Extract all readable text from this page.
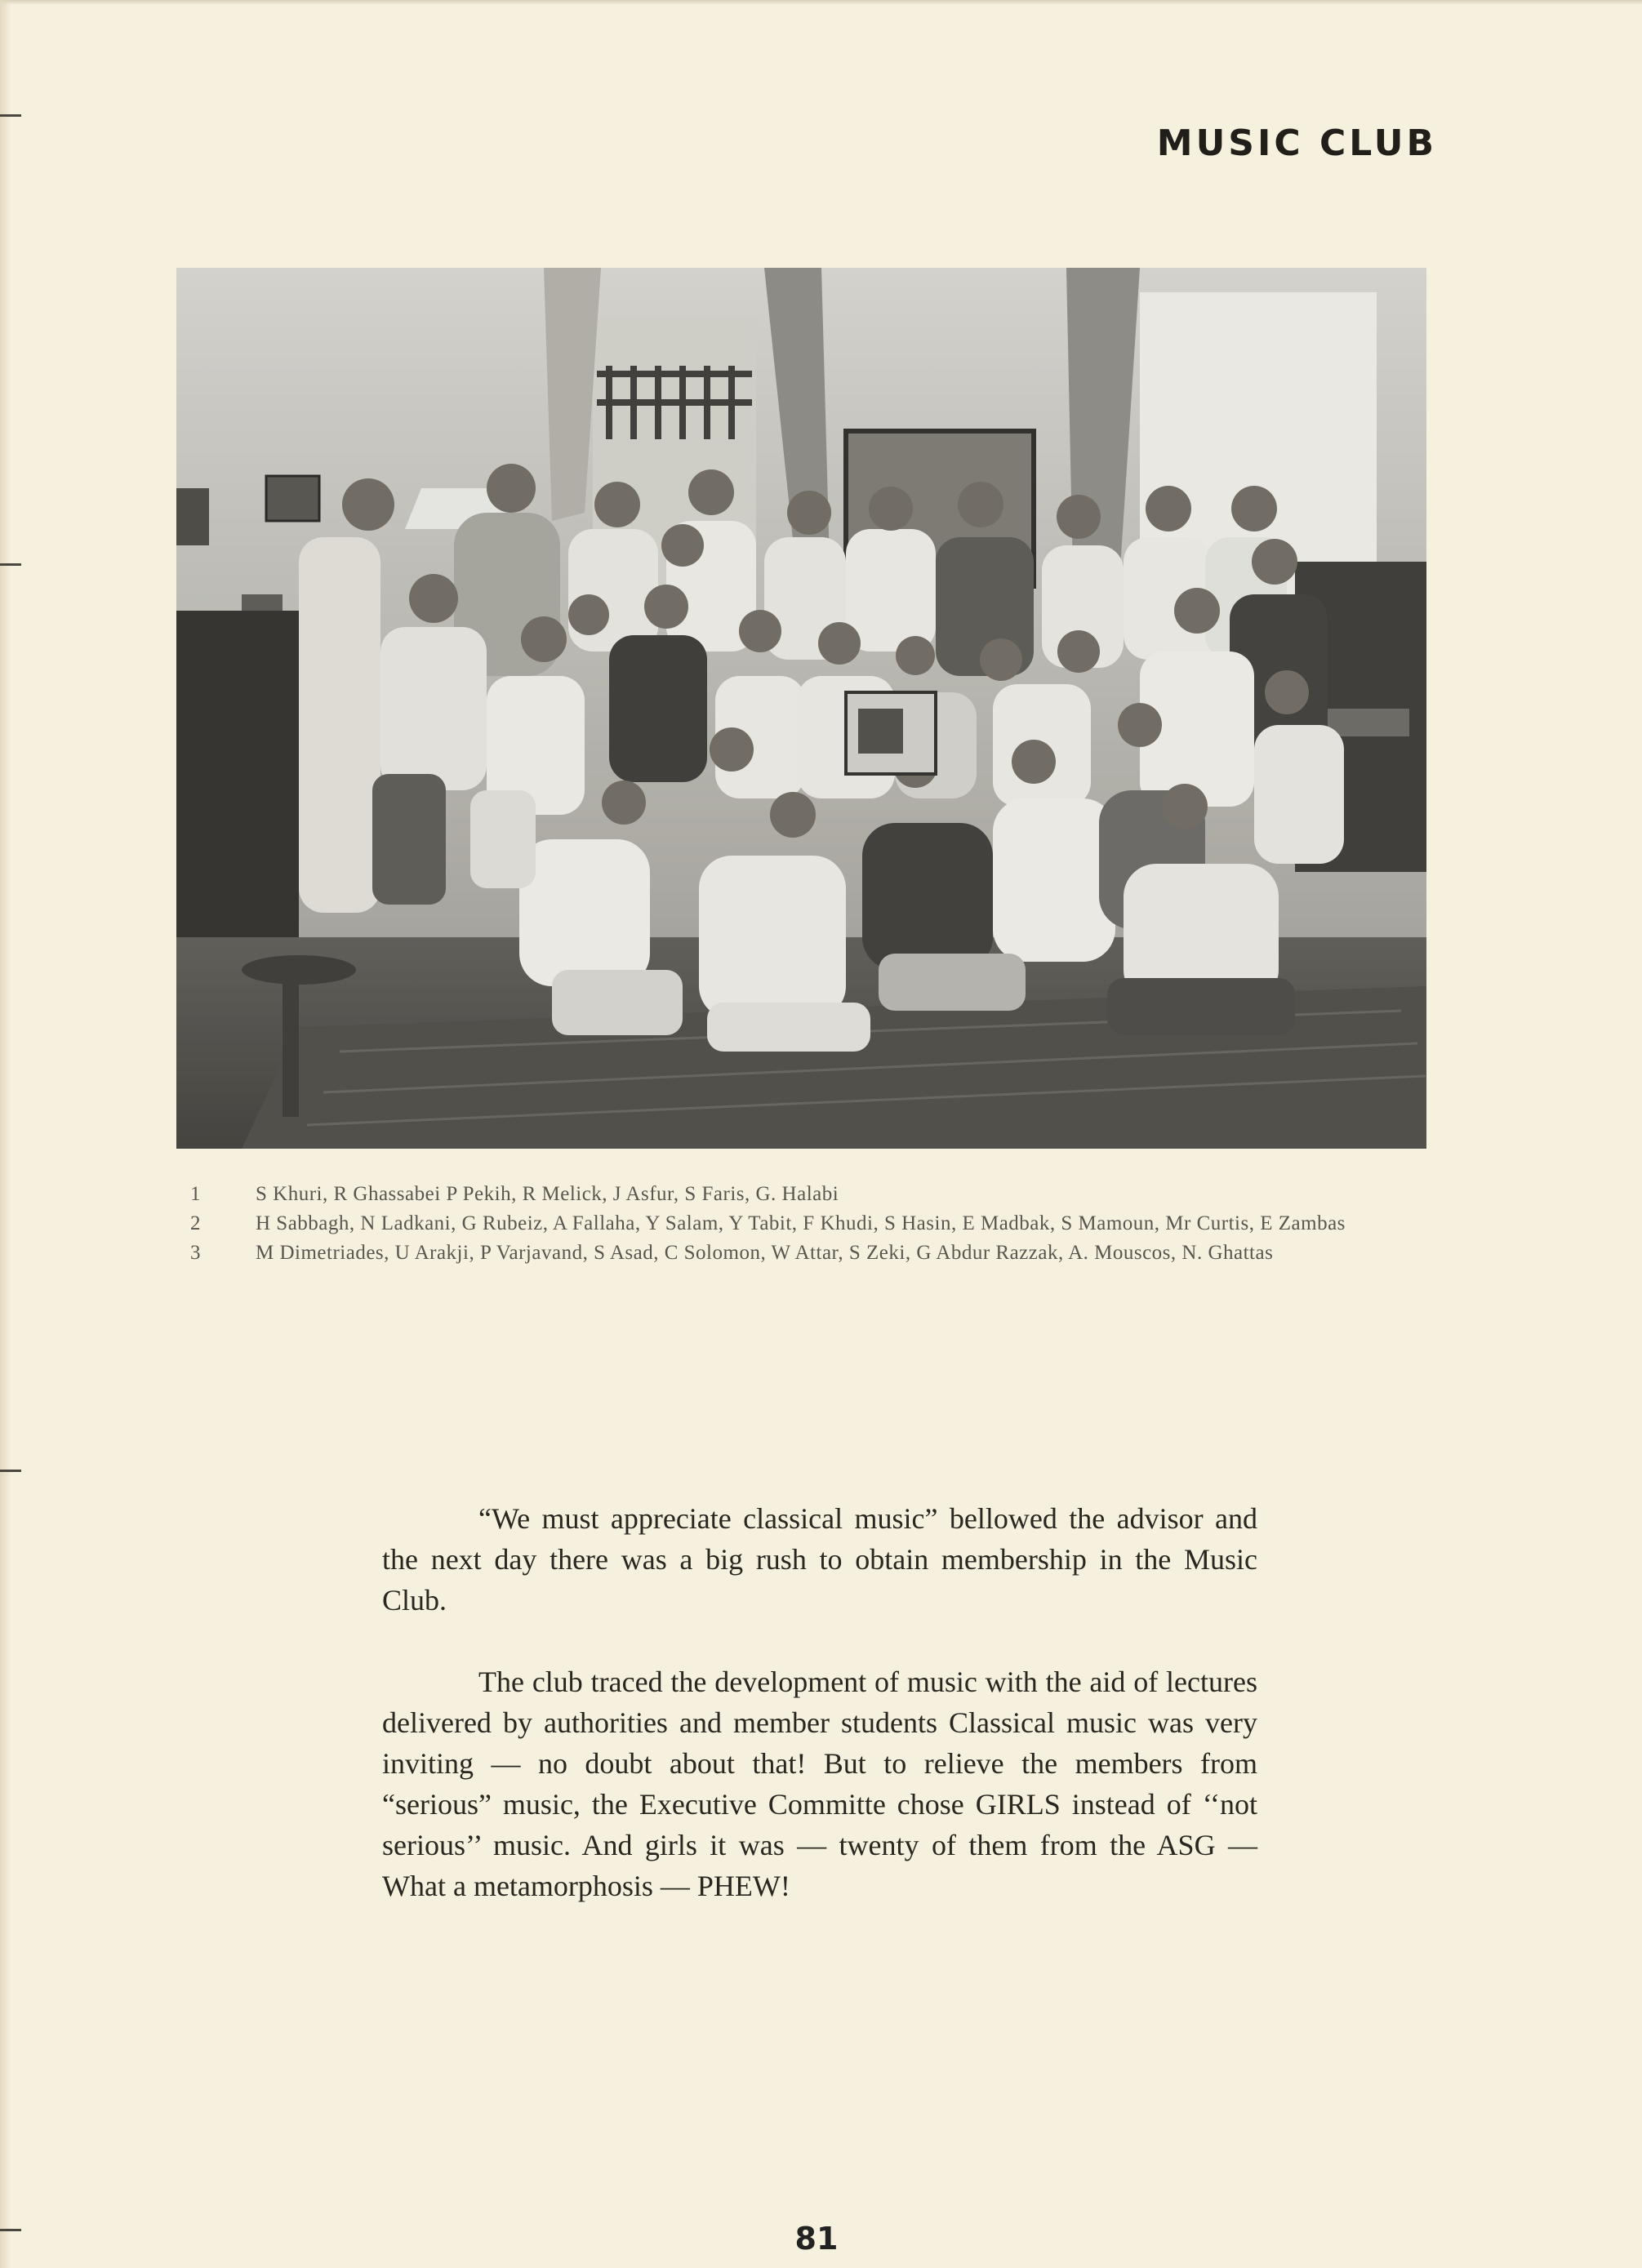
MUSIC CLUB
1	S Khuri, R Ghassabei P Pekih, R Melick, J Asfur, S Faris, G. Halabi
2	H Sabbagh, N Ladkani, G Rubeiz, A Fallaha, Y Salam, Y Tabit, F Khudi, S Hasin, E Madbak, S Mamoun, Mr Curtis, E Zambas
3	M Dimetriades, U Arakji, P Varjavand, S Asad, C Solomon, W Attar, S Zeki, G Abdur Razzak, A. Mouscos, N. Ghattas

“We must appreciate classical music” bellowed the advisor and the next day there was a big rush to obtain membership in the Music Club.

The club traced the development of music with the aid of lectures delivered by authorities and member students Classical music was very inviting — no doubt about that! But to relieve the members from “serious” music, the Executive Committe chose GIRLS instead of ‘‘not serious’’ music. And girls it was — twenty of them from the ASG — What a metamorphosis — PHEW!

81
